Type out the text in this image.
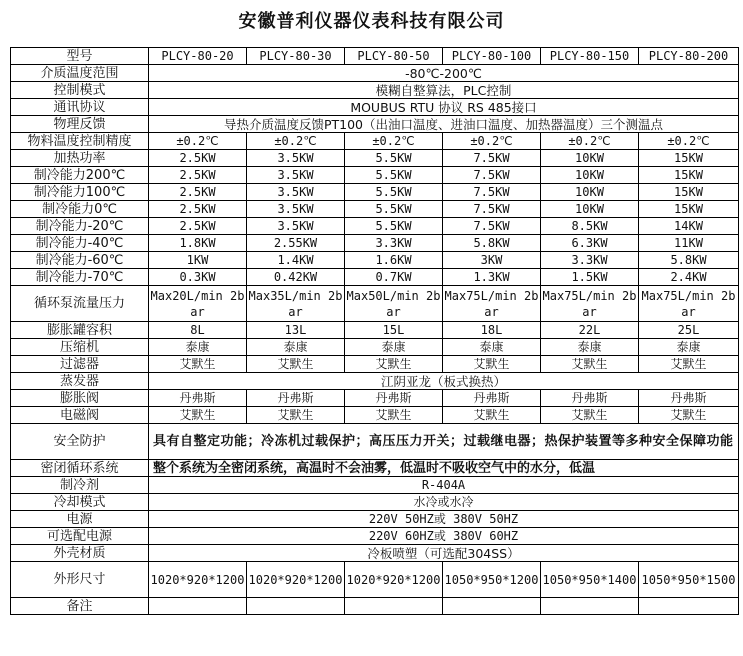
安徽普利仪器仪表科技有限公司
型号	PLCY-80-20	PLCY-80-30	PLCY-80-50	PLCY-80-100	PLCY-80-150	PLCY-80-200
介质温度范围	-80℃-200℃					
控制模式	模糊自整算法，PLC控制					
通讯协议	MOUBUS RTU 协议 RS 485接口					
物理反馈	导热介质温度反馈PT100（出油口温度、进油口温度、加热器温度）三个测温点					
物料温度控制精度	±0.2℃	±0.2℃	±0.2℃	±0.2℃	±0.2℃	±0.2℃
加热功率	2.5KW	3.5KW	5.5KW	7.5KW	10KW	15KW
制冷能力200℃	2.5KW	3.5KW	5.5KW	7.5KW	10KW	15KW
制冷能力100℃	2.5KW	3.5KW	5.5KW	7.5KW	10KW	15KW
制冷能力0℃	2.5KW	3.5KW	5.5KW	7.5KW	10KW	15KW
制冷能力-20℃	2.5KW	3.5KW	5.5KW	7.5KW	8.5KW	14KW
制冷能力-40℃	1.8KW	2.55KW	3.3KW	5.8KW	6.3KW	11KW
制冷能力-60℃	1KW	1.4KW	1.6KW	3KW	3.3KW	5.8KW
制冷能力-70℃	0.3KW	0.42KW	0.7KW	1.3KW	1.5KW	2.4KW
循环泵流量压力	Max20L/min 2bar	Max35L/min 2bar	Max50L/min 2bar	Max75L/min 2bar	Max75L/min 2bar	Max75L/min 2bar
膨胀罐容积	8L	13L	15L	18L	22L	25L
压缩机	泰康	泰康	泰康	泰康	泰康	泰康
过滤器	艾默生	艾默生	艾默生	艾默生	艾默生	艾默生
蒸发器	江阴亚龙（板式换热）					
膨胀阀	丹弗斯	丹弗斯	丹弗斯	丹弗斯	丹弗斯	丹弗斯
电磁阀	艾默生	艾默生	艾默生	艾默生	艾默生	艾默生
安全防护	具有自整定功能；冷冻机过载保护；高压压力开关；过载继电器；热保护装置等多种安全保障功能					
密闭循环系统	整个系统为全密闭系统，高温时不会油雾，低温时不吸收空气中的水分，低温					
制冷剂	R-404A					
冷却模式	水冷或水冷					
电源	220V 50HZ或 380V 50HZ					
可选配电源	220V 60HZ或 380V 60HZ					
外壳材质	冷板喷塑（可选配304SS）					
外形尺寸	1020*920*1200	1020*920*1200	1020*920*1200	1050*950*1200	1050*950*1400	1050*950*1500
备注						
